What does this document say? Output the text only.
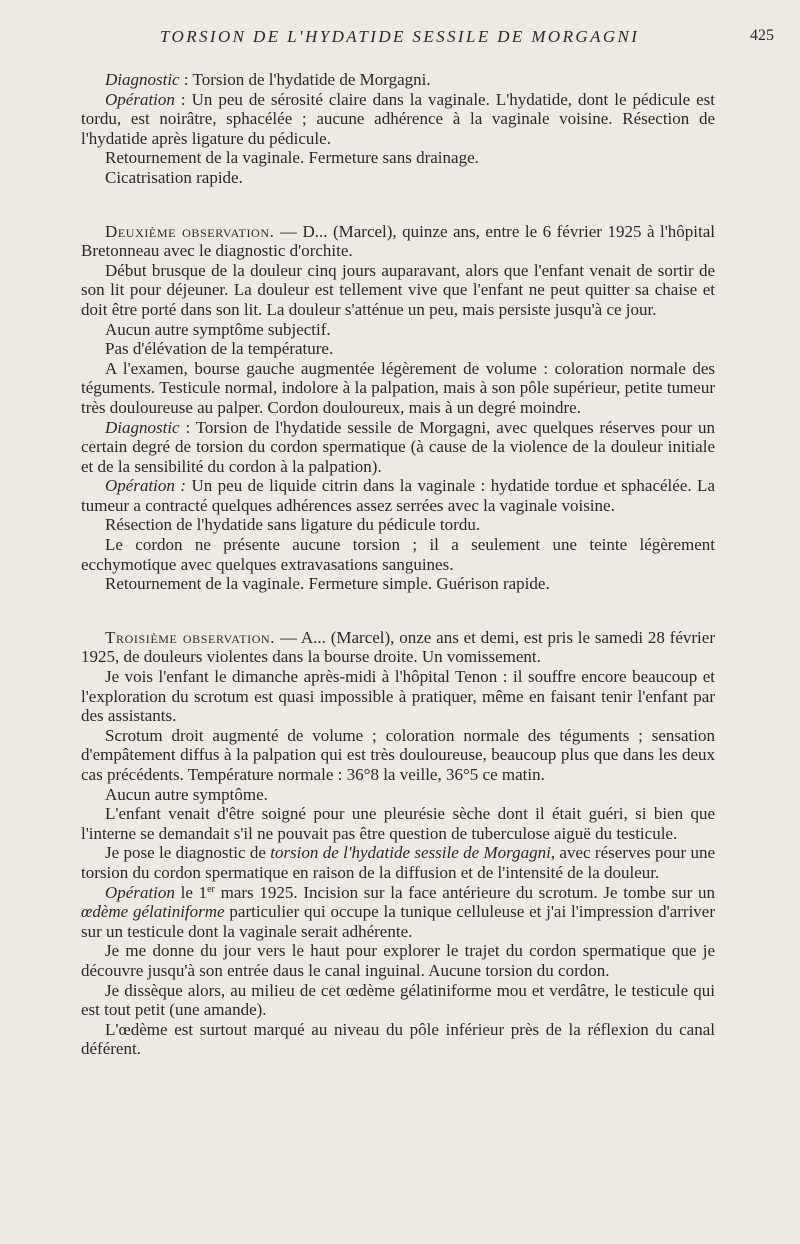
TORSION DE L'HYDATIDE SESSILE DE MORGAGNI	425

Diagnostic : Torsion de l'hydatide de Morgagni.

Opération : Un peu de sérosité claire dans la vaginale. L'hydatide, dont le pédicule est tordu, est noirâtre, sphacélée ; aucune adhérence à la vaginale voisine. Résection de l'hydatide après ligature du pédicule.

Retournement de la vaginale. Fermeture sans drainage.

Cicatrisation rapide.

Deuxième observation. — D... (Marcel), quinze ans, entre le 6 février 1925 à l'hôpital Bretonneau avec le diagnostic d'orchite.

Début brusque de la douleur cinq jours auparavant, alors que l'enfant venait de sortir de son lit pour déjeuner. La douleur est tellement vive que l'enfant ne peut quitter sa chaise et doit être porté dans son lit. La douleur s'atténue un peu, mais persiste jusqu'à ce jour.

Aucun autre symptôme subjectif.

Pas d'élévation de la température.

A l'examen, bourse gauche augmentée légèrement de volume : coloration normale des téguments. Testicule normal, indolore à la palpation, mais à son pôle supérieur, petite tumeur très douloureuse au palper. Cordon douloureux, mais à un degré moindre.

Diagnostic : Torsion de l'hydatide sessile de Morgagni, avec quelques réserves pour un certain degré de torsion du cordon spermatique (à cause de la violence de la douleur initiale et de la sensibilité du cordon à la palpation).

Opération : Un peu de liquide citrin dans la vaginale : hydatide tordue et sphacélée. La tumeur a contracté quelques adhérences assez serrées avec la vaginale voisine.

Résection de l'hydatide sans ligature du pédicule tordu.

Le cordon ne présente aucune torsion ; il a seulement une teinte légèrement ecchymotique avec quelques extravasations sanguines.

Retournement de la vaginale. Fermeture simple. Guérison rapide.

Troisième observation. — A... (Marcel), onze ans et demi, est pris le samedi 28 février 1925, de douleurs violentes dans la bourse droite. Un vomissement.

Je vois l'enfant le dimanche après-midi à l'hôpital Tenon : il souffre encore beaucoup et l'exploration du scrotum est quasi impossible à pratiquer, même en faisant tenir l'enfant par des assistants.

Scrotum droit augmenté de volume ; coloration normale des téguments ; sensation d'empâtement diffus à la palpation qui est très douloureuse, beaucoup plus que dans les deux cas précédents. Température normale : 36°8 la veille, 36°5 ce matin.

Aucun autre symptôme.

L'enfant venait d'être soigné pour une pleurésie sèche dont il était guéri, si bien que l'interne se demandait s'il ne pouvait pas être question de tuberculose aiguë du testicule.

Je pose le diagnostic de torsion de l'hydatide sessile de Morgagni, avec réserves pour une torsion du cordon spermatique en raison de la diffusion et de l'intensité de la douleur.

Opération le 1er mars 1925. Incision sur la face antérieure du scrotum. Je tombe sur un œdème gélatiniforme particulier qui occupe la tunique celluleuse et j'ai l'impression d'arriver sur un testicule dont la vaginale serait adhérente.

Je me donne du jour vers le haut pour explorer le trajet du cordon spermatique que je découvre jusqu'à son entrée daus le canal inguinal. Aucune torsion du cordon.

Je dissèque alors, au milieu de cet œdème gélatiniforme mou et verdâtre, le testicule qui est tout petit (une amande).

L'œdème est surtout marqué au niveau du pôle inférieur près de la réflexion du canal déférent.
